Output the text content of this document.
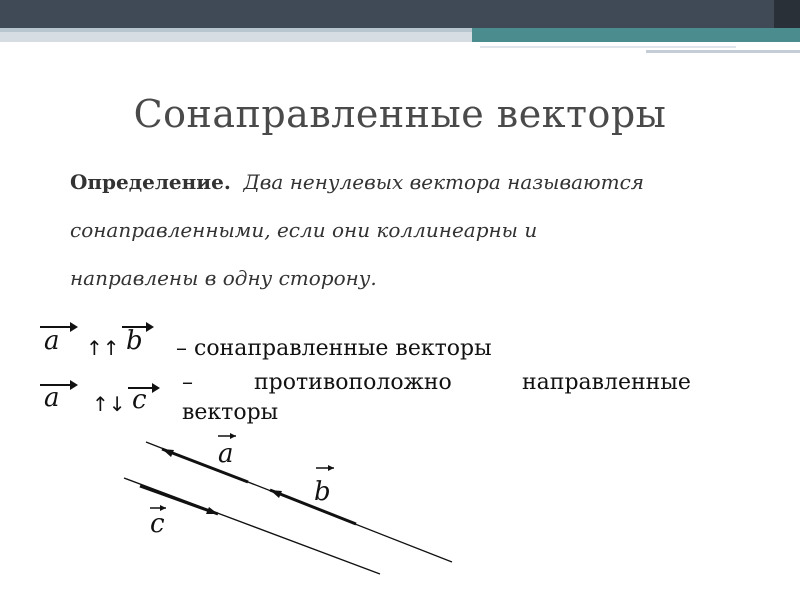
Сонаправленные векторы
Определение. Два ненулевых вектора называются
сонаправленными, если они коллинеарны и
направлены в одну сторону.
a ↑↑ b – сонаправленные векторы
a ↑↓ c
–	противоположно	направленные
векторы
a
b
c
